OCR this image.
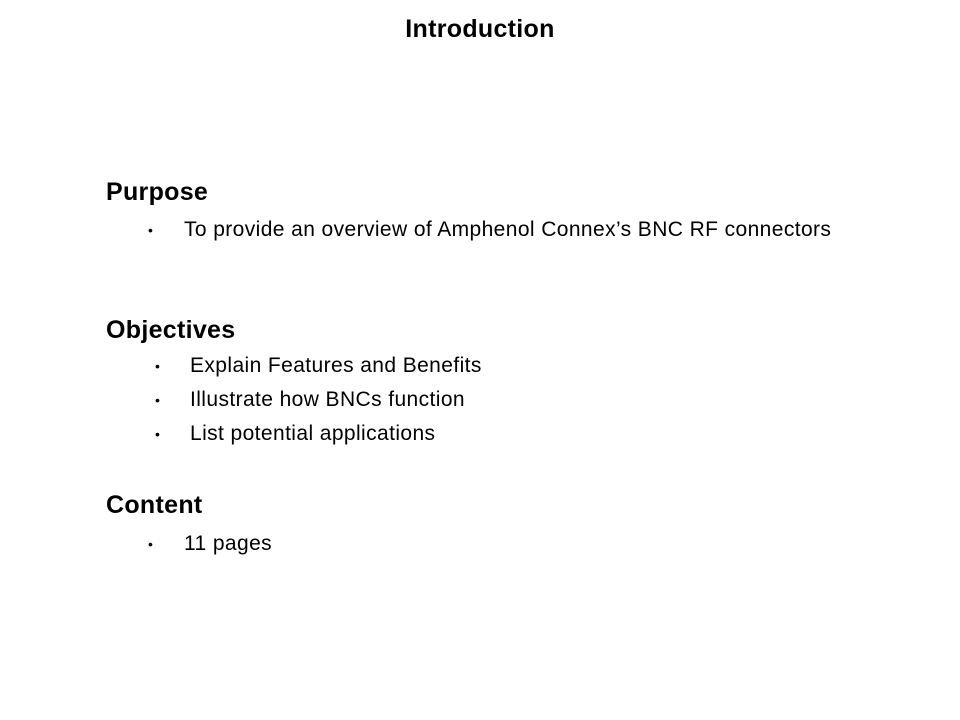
Introduction
Purpose
• To provide an overview of Amphenol Connex’s BNC RF connectors
Objectives
• Explain Features and Benefits
• Illustrate how BNCs function
• List potential applications
Content
• 11 pages
